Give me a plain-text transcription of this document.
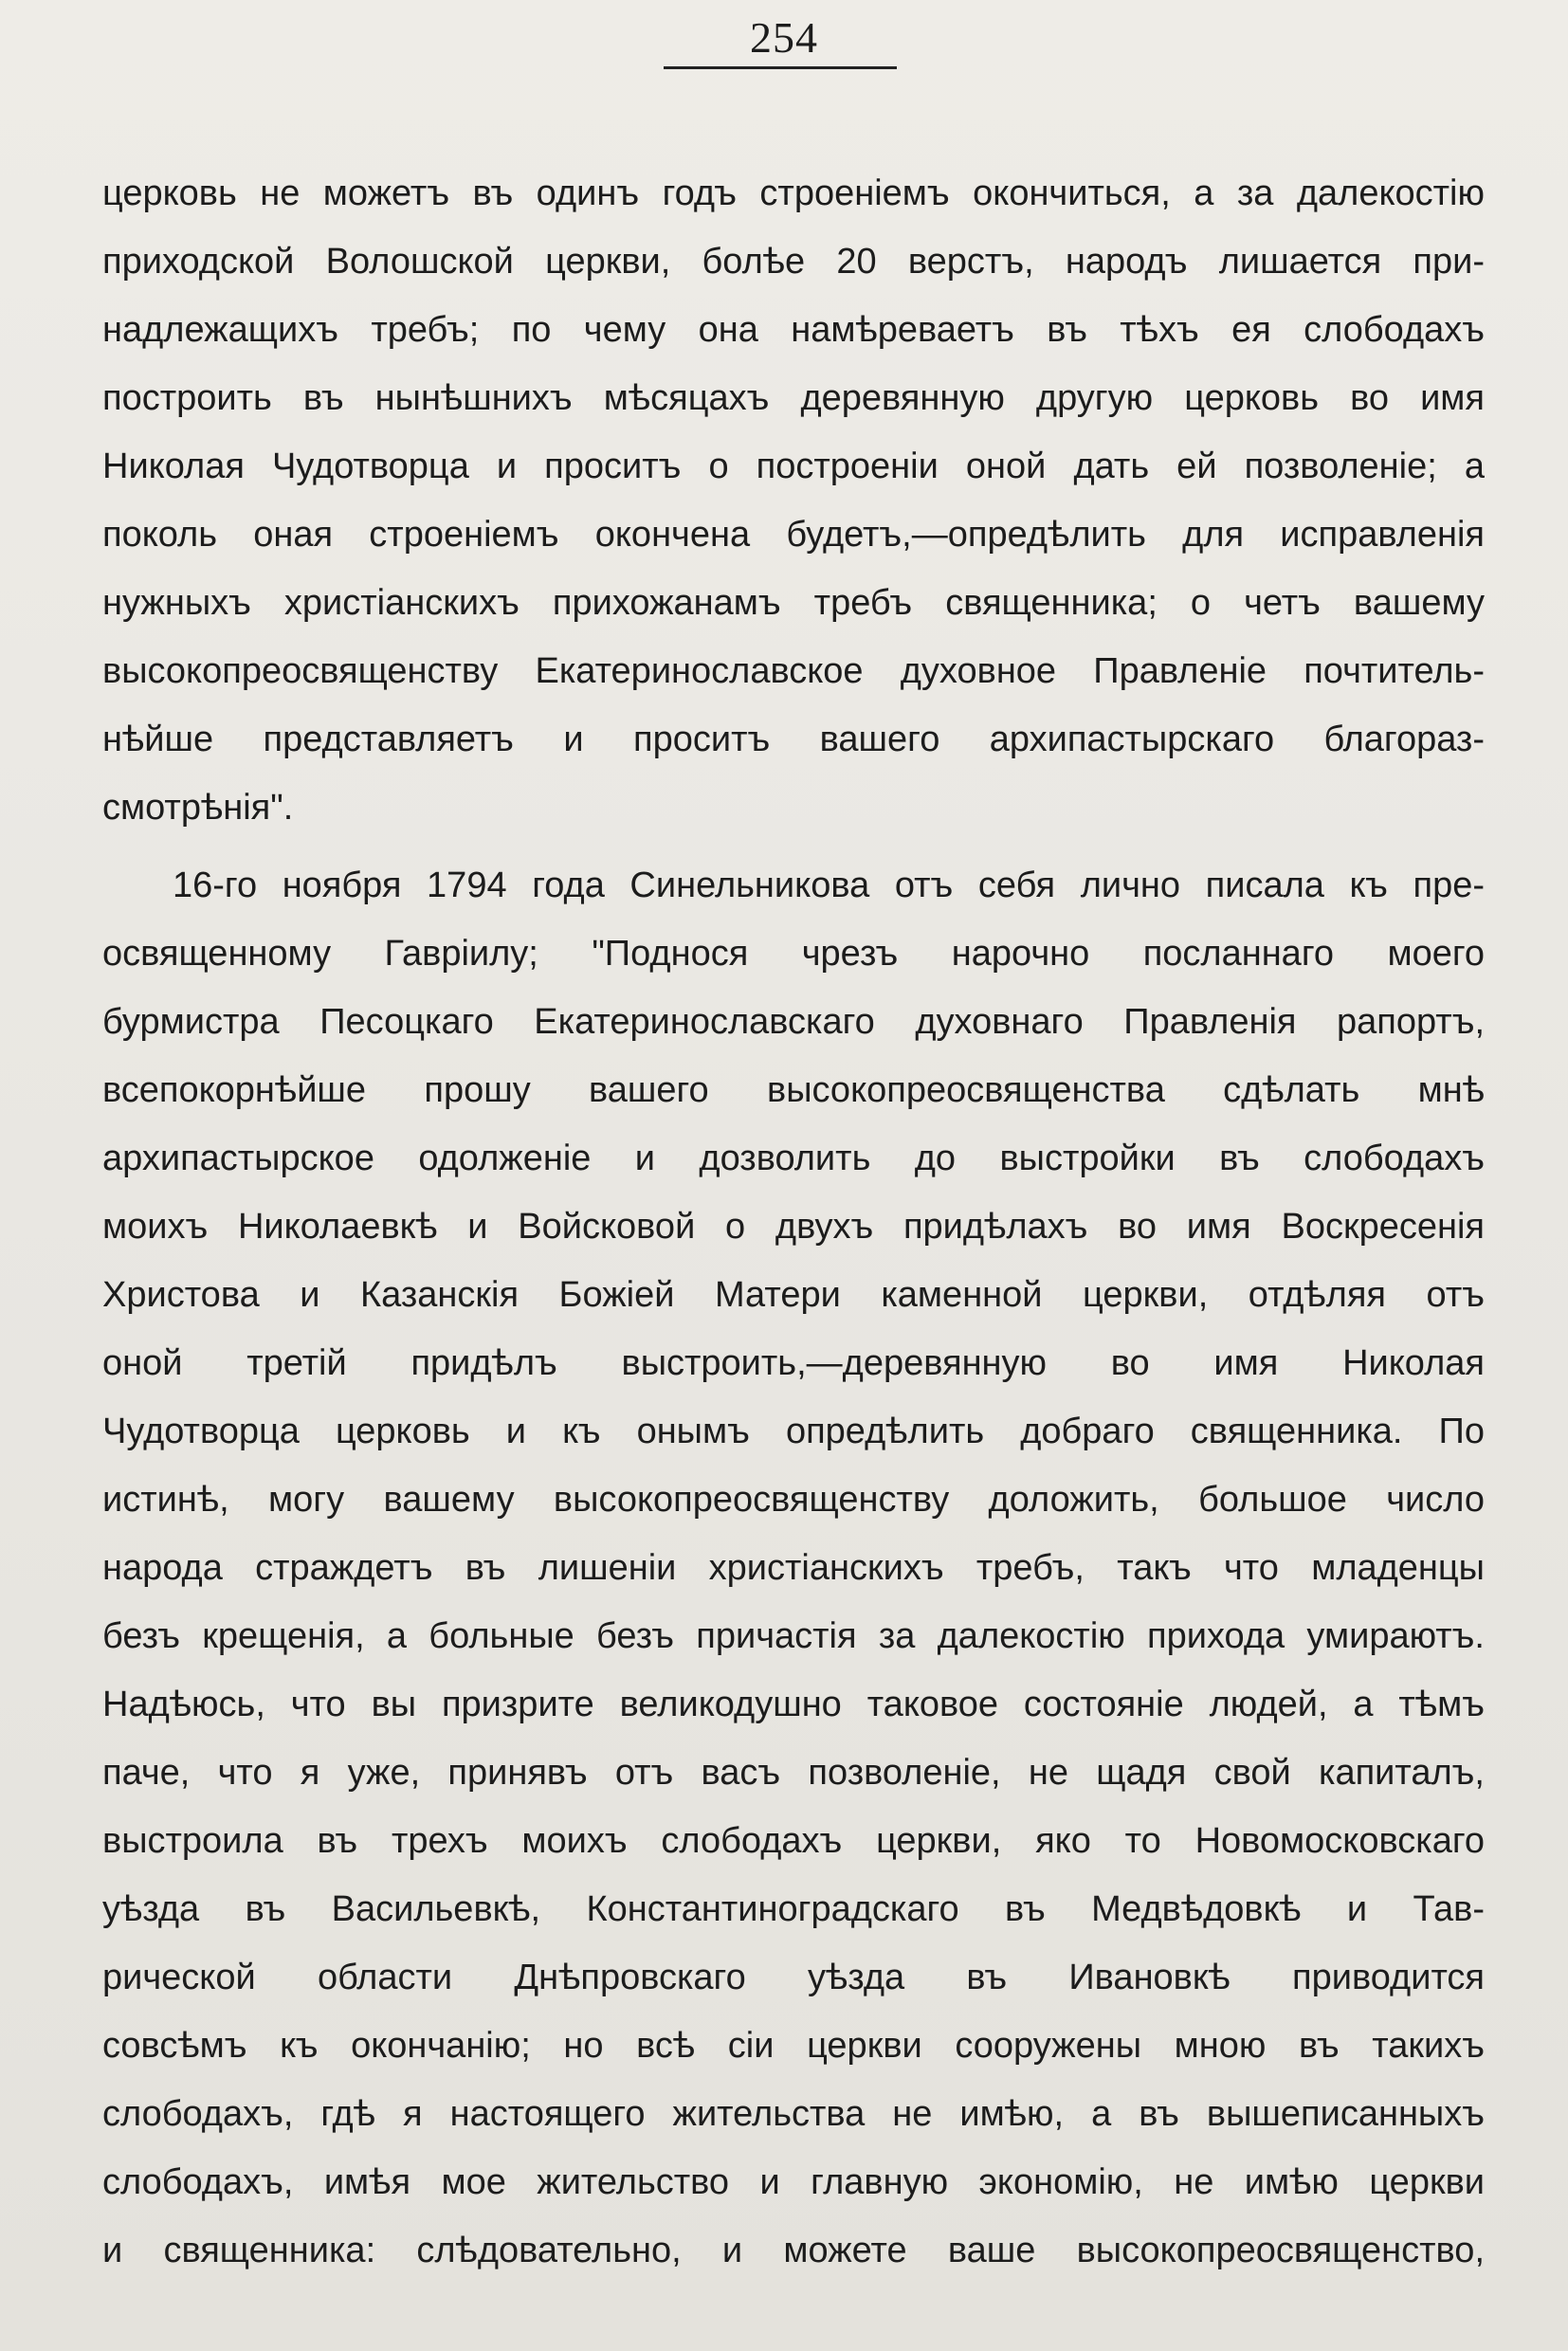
254
церковь не можетъ въ одинъ годъ строеніемъ окончиться, а за далекостію
приходской Волошской церкви, болѣе 20 верстъ, народъ лишается при-
надлежащихъ требъ; по чему она намѣреваетъ въ тѣхъ ея слободахъ
построить въ нынѣшнихъ мѣсяцахъ деревянную другую церковь во имя
Николая Чудотворца и проситъ о построеніи оной дать ей позволеніе; а
поколь оная строеніемъ окончена будетъ,—опредѣлить для исправленія
нужныхъ христіанскихъ прихожанамъ требъ священника; о четъ вашему
высокопреосвященству Екатеринославское духовное Правленіе почтитель-
нѣйше представляетъ и проситъ вашего архипастырскаго благораз-
смотрѣнія".
16-го ноября 1794 года Синельникова отъ себя лично писала къ пре-
освященному Гавріилу; "Поднося чрезъ нарочно посланнаго моего
бурмистра Песоцкаго Екатеринославскаго духовнаго Правленія рапортъ,
всепокорнѣйше прошу вашего высокопреосвященства сдѣлать мнѣ
архипастырское одолженіе и дозволить до выстройки въ слободахъ
моихъ Николаевкѣ и Войсковой о двухъ придѣлахъ во имя Воскресенія
Христова и Казанскія Божіей Матери каменной церкви, отдѣляя отъ
оной третій придѣлъ выстроить,—деревянную во имя Николая
Чудотворца церковь и къ онымъ опредѣлить добраго священника. По
истинѣ, могу вашему высокопреосвященству доложить, большое число
народа страждетъ въ лишеніи христіанскихъ требъ, такъ что младенцы
безъ крещенія, а больные безъ причастія за далекостію прихода умираютъ.
Надѣюсь, что вы призрите великодушно таковое состояніе людей, а тѣмъ
паче, что я уже, принявъ отъ васъ позволеніе, не щадя свой капиталъ,
выстроила въ трехъ моихъ слободахъ церкви, яко то Новомосковскаго
уѣзда въ Васильевкѣ, Константиноградскаго въ Медвѣдовкѣ и Тав-
рической области Днѣпровскаго уѣзда въ Ивановкѣ приводится
совсѣмъ къ окончанію; но всѣ сіи церкви сооружены мною въ такихъ
слободахъ, гдѣ я настоящего жительства не имѣю, а въ вышеписанныхъ
слободахъ, имѣя мое жительство и главную экономію, не имѣю церкви
и священника: слѣдовательно, и можете ваше высокопреосвященство,
